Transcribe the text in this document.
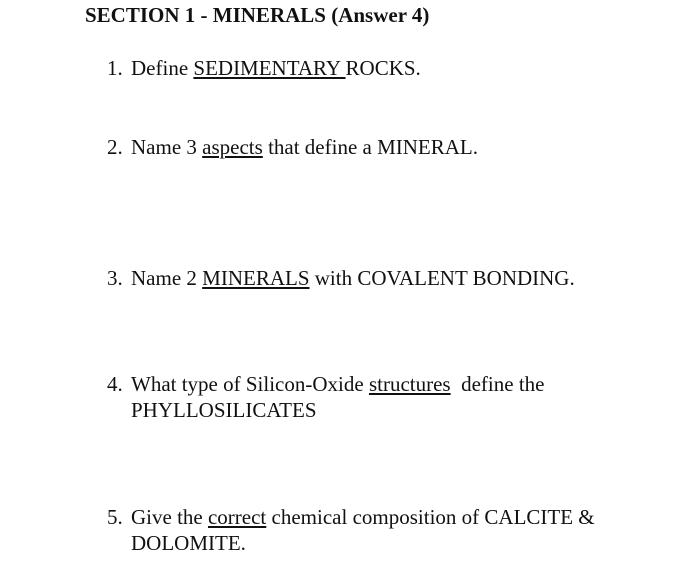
SECTION 1 - MINERALS (Answer 4)
1. Define SEDIMENTARY ROCKS.
2. Name 3 aspects that define a MINERAL.
3. Name 2 MINERALS with COVALENT BONDING.
4. What type of Silicon-Oxide structures  define the
PHYLLOSILICATES
5. Give the correct chemical composition of CALCITE &
DOLOMITE.
